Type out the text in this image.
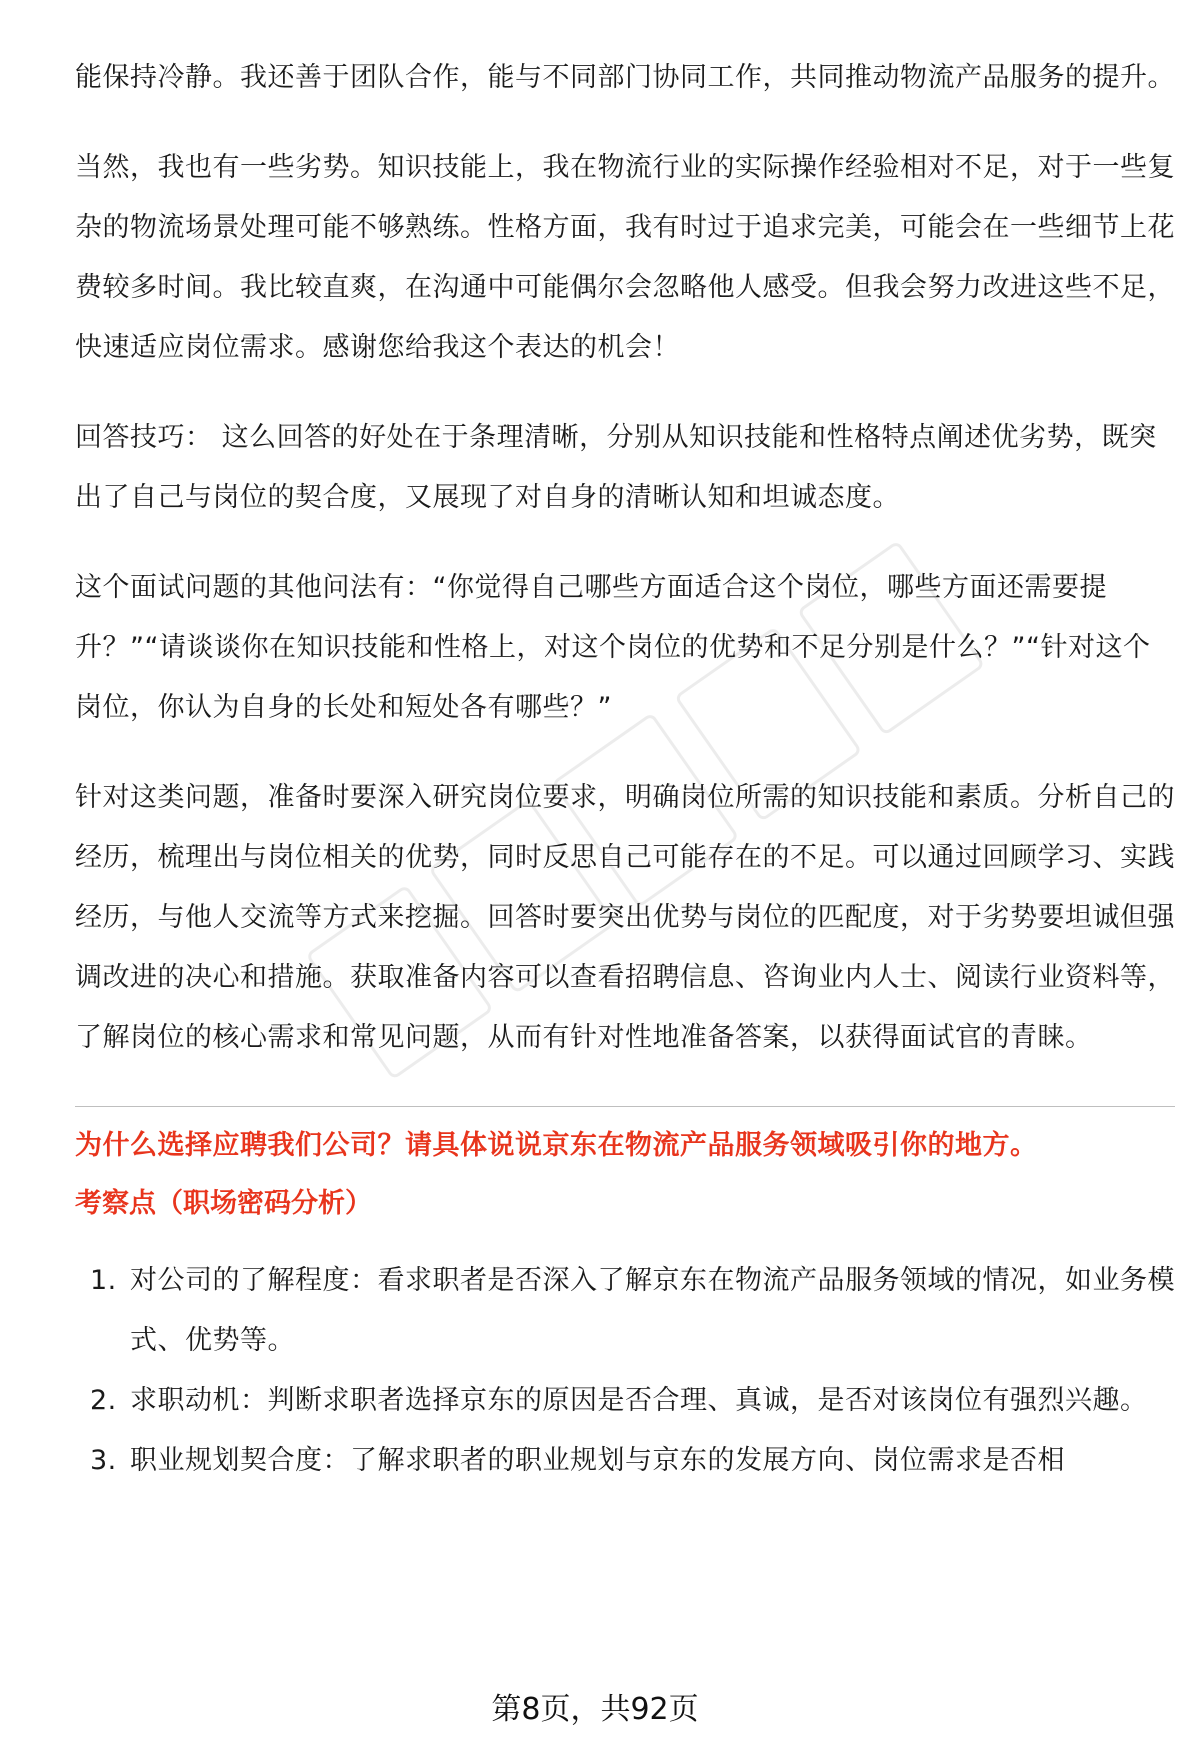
能保持冷静。我还善于团队合作，能与不同部门协同工作，共同推动物流产品服务的提升。

当然，我也有一些劣势。知识技能上，我在物流行业的实际操作经验相对不足，对于一些复杂的物流场景处理可能不够熟练。性格方面，我有时过于追求完美，可能会在一些细节上花费较多时间。我比较直爽，在沟通中可能偶尔会忽略他人感受。但我会努力改进这些不足，快速适应岗位需求。感谢您给我这个表达的机会！

回答技巧： 这么回答的好处在于条理清晰，分别从知识技能和性格特点阐述优劣势，既突出了自己与岗位的契合度，又展现了对自身的清晰认知和坦诚态度。

这个面试问题的其他问法有：“你觉得自己哪些方面适合这个岗位，哪些方面还需要提升？”“请谈谈你在知识技能和性格上，对这个岗位的优势和不足分别是什么？”“针对这个岗位，你认为自身的长处和短处各有哪些？”

针对这类问题，准备时要深入研究岗位要求，明确岗位所需的知识技能和素质。分析自己的经历，梳理出与岗位相关的优势，同时反思自己可能存在的不足。可以通过回顾学习、实践经历，与他人交流等方式来挖掘。回答时要突出优势与岗位的匹配度，对于劣势要坦诚但强调改进的决心和措施。获取准备内容可以查看招聘信息、咨询业内人士、阅读行业资料等，了解岗位的核心需求和常见问题，从而有针对性地准备答案，以获得面试官的青睐。

为什么选择应聘我们公司？请具体说说京东在物流产品服务领域吸引你的地方。

考察点（职场密码分析）

1. 对公司的了解程度：看求职者是否深入了解京东在物流产品服务领域的情况，如业务模式、优势等。
2. 求职动机：判断求职者选择京东的原因是否合理、真诚，是否对该岗位有强烈兴趣。
3. 职业规划契合度：了解求职者的职业规划与京东的发展方向、岗位需求是否相
第8页，共92页
